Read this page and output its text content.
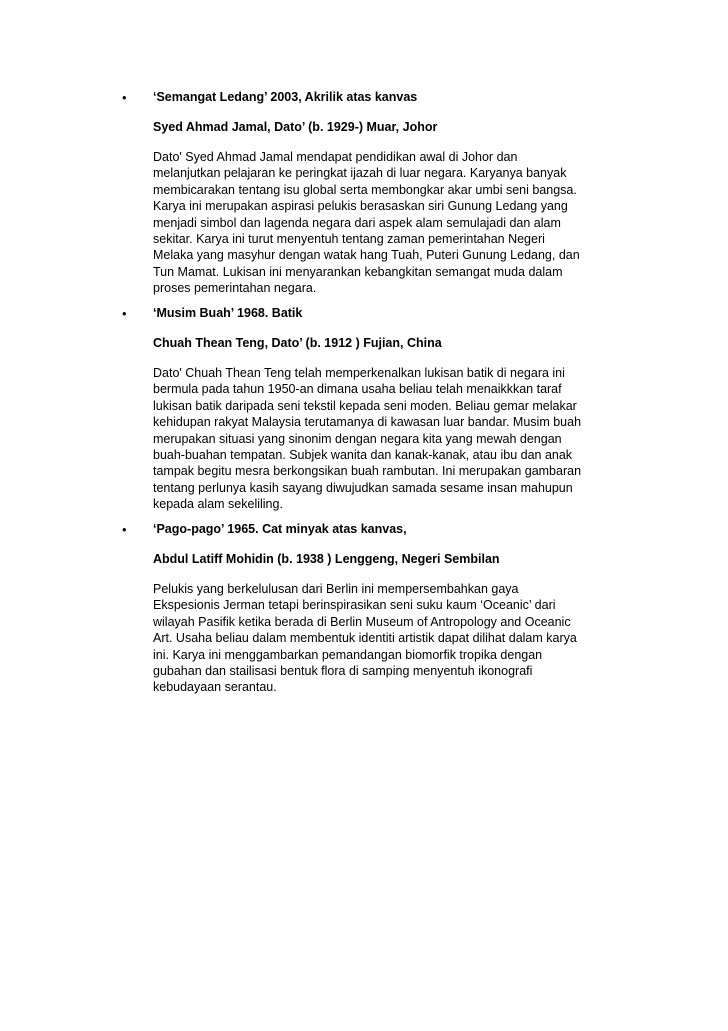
• ‘Semangat Ledang’ 2003, Akrilik atas kanvas
Syed Ahmad Jamal, Dato’ (b. 1929-) Muar, Johor
Dato' Syed Ahmad Jamal mendapat pendidikan awal di Johor dan
melanjutkan pelajaran ke peringkat ijazah di luar negara. Karyanya banyak
membicarakan tentang isu global serta membongkar akar umbi seni bangsa.
Karya ini merupakan aspirasi pelukis berasaskan siri Gunung Ledang yang
menjadi simbol dan lagenda negara dari aspek alam semulajadi dan alam
sekitar. Karya ini turut menyentuh tentang zaman pemerintahan Negeri
Melaka yang masyhur dengan watak hang Tuah, Puteri Gunung Ledang, dan
Tun Mamat. Lukisan ini menyarankan kebangkitan semangat muda dalam
proses pemerintahan negara.
• ‘Musim Buah’ 1968. Batik
Chuah Thean Teng, Dato’ (b. 1912 ) Fujian, China
Dato' Chuah Thean Teng telah memperkenalkan lukisan batik di negara ini
bermula pada tahun 1950-an dimana usaha beliau telah menaikkkan taraf
lukisan batik daripada seni tekstil kepada seni moden. Beliau gemar melakar
kehidupan rakyat Malaysia terutamanya di kawasan luar bandar. Musim buah
merupakan situasi yang sinonim dengan negara kita yang mewah dengan
buah-buahan tempatan. Subjek wanita dan kanak-kanak, atau ibu dan anak
tampak begitu mesra berkongsikan buah rambutan. Ini merupakan gambaran
tentang perlunya kasih sayang diwujudkan samada sesame insan mahupun
kepada alam sekeliling.
• ‘Pago-pago’ 1965. Cat minyak atas kanvas,
Abdul Latiff Mohidin (b. 1938 ) Lenggeng, Negeri Sembilan
Pelukis yang berkelulusan dari Berlin ini mempersembahkan gaya
Ekspesionis Jerman tetapi berinspirasikan seni suku kaum ‘Oceanic’ dari
wilayah Pasifik ketika berada di Berlin Museum of Antropology and Oceanic
Art. Usaha beliau dalam membentuk identiti artistik dapat dilihat dalam karya
ini. Karya ini menggambarkan pemandangan biomorfik tropika dengan
gubahan dan stailisasi bentuk flora di samping menyentuh ikonografi
kebudayaan serantau.
